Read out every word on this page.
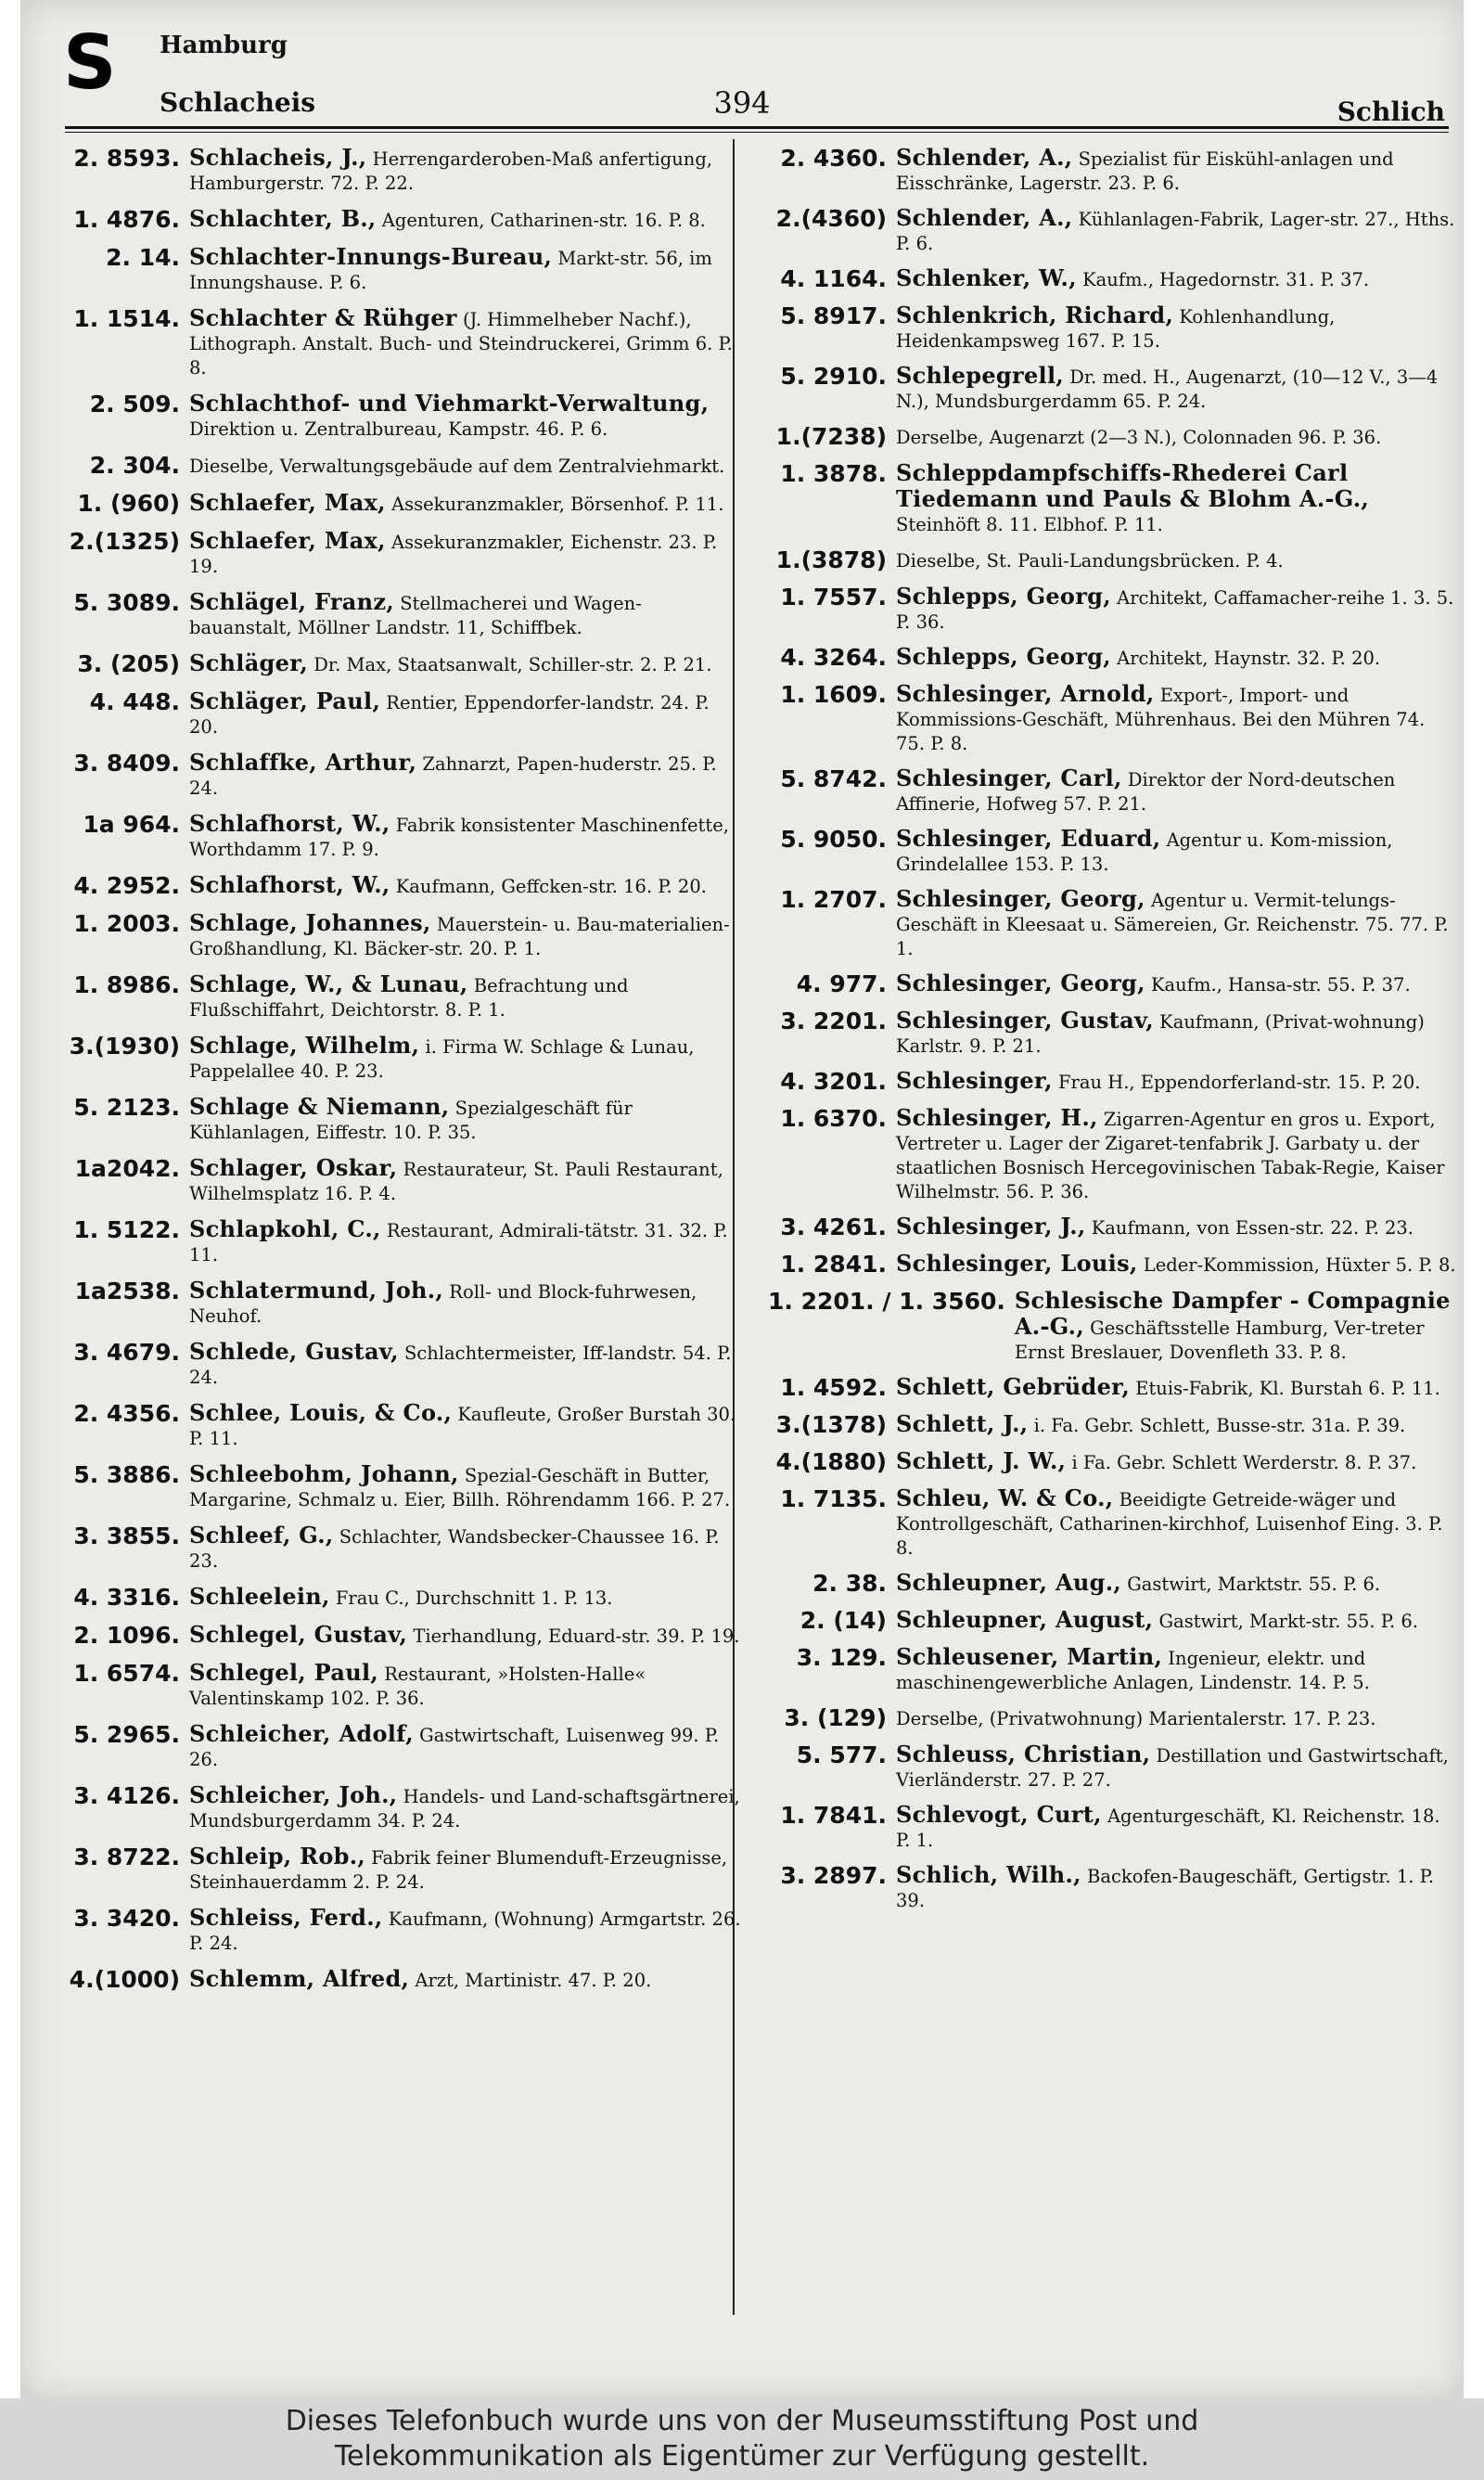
S Hamburg
Schlacheis	394	Schlich
2. 8593. Schlacheis, J., Herrengarderoben-Maß anfertigung, Hamburgerstr. 72. P. 22.
1. 4876. Schlachter, B., Agenturen, Catharinen-str. 16. P. 8.
2. 14. Schlachter-Innungs-Bureau, Markt-str. 56, im Innungshause. P. 6.
1. 1514. Schlachter & Rühger (J. Himmelheber Nachf.), Lithograph. Anstalt. Buch- und Steindruckerei, Grimm 6. P. 8.
2. 509. Schlachthof- und Viehmarkt-Verwaltung, Direktion u. Zentralbureau, Kampstr. 46. P. 6.
2. 304. Dieselbe, Verwaltungsgebäude auf dem Zentralviehmarkt.
1. (960) Schlaefer, Max, Assekuranzmakler, Börsenhof. P. 11.
2.(1325) Schlaefer, Max, Assekuranzmakler, Eichenstr. 23. P. 19.
5. 3089. Schlägel, Franz, Stellmacherei und Wagen-bauanstalt, Möllner Landstr. 11, Schiffbek.
3. (205) Schläger, Dr. Max, Staatsanwalt, Schiller-str. 2. P. 21.
4. 448. Schläger, Paul, Rentier, Eppendorfer-landstr. 24. P. 20.
3. 8409. Schlaffke, Arthur, Zahnarzt, Papen-huderstr. 25. P. 24.
1a 964. Schlafhorst, W., Fabrik konsistenter Maschinenfette, Worthdamm 17. P. 9.
4. 2952. Schlafhorst, W., Kaufmann, Geffcken-str. 16. P. 20.
1. 2003. Schlage, Johannes, Mauerstein- u. Bau-materialien-Großhandlung, Kl. Bäcker-str. 20. P. 1.
1. 8986. Schlage, W., & Lunau, Befrachtung und Flußschiffahrt, Deichtorstr. 8. P. 1.
3.(1930) Schlage, Wilhelm, i. Firma W. Schlage & Lunau, Pappelallee 40. P. 23.
5. 2123. Schlage & Niemann, Spezialgeschäft für Kühlanlagen, Eiffestr. 10. P. 35.
1a2042. Schlager, Oskar, Restaurateur, St. Pauli Restaurant, Wilhelmsplatz 16. P. 4.
1. 5122. Schlapkohl, C., Restaurant, Admirali-tätstr. 31. 32. P. 11.
1a2538. Schlatermund, Joh., Roll- und Block-fuhrwesen, Neuhof.
3. 4679. Schlede, Gustav, Schlachtermeister, Iff-landstr. 54. P. 24.
2. 4356. Schlee, Louis, & Co., Kaufleute, Großer Burstah 30. P. 11.
5. 3886. Schleebohm, Johann, Spezial-Geschäft in Butter, Margarine, Schmalz u. Eier, Billh. Röhrendamm 166. P. 27.
3. 3855. Schleef, G., Schlachter, Wandsbecker-Chaussee 16. P. 23.
4. 3316. Schleelein, Frau C., Durchschnitt 1. P. 13.
2. 1096. Schlegel, Gustav, Tierhandlung, Eduard-str. 39. P. 19.
1. 6574. Schlegel, Paul, Restaurant, »Holsten-Halle« Valentinskamp 102. P. 36.
5. 2965. Schleicher, Adolf, Gastwirtschaft, Luisenweg 99. P. 26.
3. 4126. Schleicher, Joh., Handels- und Land-schaftsgärtnerei, Mundsburgerdamm 34. P. 24.
3. 8722. Schleip, Rob., Fabrik feiner Blumenduft-Erzeugnisse, Steinhauerdamm 2. P. 24.
3. 3420. Schleiss, Ferd., Kaufmann, (Wohnung) Armgartstr. 26. P. 24.
4.(1000) Schlemm, Alfred, Arzt, Martinistr. 47. P. 20.
2. 4360. Schlender, A., Spezialist für Eiskühl-anlagen und Eisschränke, Lagerstr. 23. P. 6.
2.(4360) Schlender, A., Kühlanlagen-Fabrik, Lager-str. 27., Hths. P. 6.
4. 1164. Schlenker, W., Kaufm., Hagedornstr. 31. P. 37.
5. 8917. Schlenkrich, Richard, Kohlenhandlung, Heidenkampsweg 167. P. 15.
5. 2910. Schlepegrell, Dr. med. H., Augenarzt, (10—12 V., 3—4 N.), Mundsburgerdamm 65. P. 24.
1.(7238) Derselbe, Augenarzt (2—3 N.), Colonnaden 96. P. 36.
1. 3878. Schleppdampfschiffs-Rhederei Carl Tiedemann und Pauls & Blohm A.-G., Steinhöft 8. 11. Elbhof. P. 11.
1.(3878) Dieselbe, St. Pauli-Landungsbrücken. P. 4.
1. 7557. Schlepps, Georg, Architekt, Caffamacher-reihe 1. 3. 5. P. 36.
4. 3264. Schlepps, Georg, Architekt, Haynstr. 32. P. 20.
1. 1609. Schlesinger, Arnold, Export-, Import- und Kommissions-Geschäft, Mührenhaus. Bei den Mühren 74. 75. P. 8.
5. 8742. Schlesinger, Carl, Direktor der Nord-deutschen Affinerie, Hofweg 57. P. 21.
5. 9050. Schlesinger, Eduard, Agentur u. Kom-mission, Grindelallee 153. P. 13.
1. 2707. Schlesinger, Georg, Agentur u. Vermit-telungs-Geschäft in Kleesaat u. Sämereien, Gr. Reichenstr. 75. 77. P. 1.
4. 977. Schlesinger, Georg, Kaufm., Hansa-str. 55. P. 37.
3. 2201. Schlesinger, Gustav, Kaufmann, (Privat-wohnung) Karlstr. 9. P. 21.
4. 3201. Schlesinger, Frau H., Eppendorferland-str. 15. P. 20.
1. 6370. Schlesinger, H., Zigarren-Agentur en gros u. Export, Vertreter u. Lager der Zigaret-tenfabrik J. Garbaty u. der staatlichen Bosnisch Hercegovinischen Tabak-Regie, Kaiser Wilhelmstr. 56. P. 36.
3. 4261. Schlesinger, J., Kaufmann, von Essen-str. 22. P. 23.
1. 2841. Schlesinger, Louis, Leder-Kommission, Hüxter 5. P. 8.
1. 2201. / 1. 3560. Schlesische Dampfer - Compagnie A.-G., Geschäftsstelle Hamburg, Ver-treter Ernst Breslauer, Dovenfleth 33. P. 8.
1. 4592. Schlett, Gebrüder, Etuis-Fabrik, Kl. Burstah 6. P. 11.
3.(1378) Schlett, J., i. Fa. Gebr. Schlett, Busse-str. 31a. P. 39.
4.(1880) Schlett, J. W., i Fa. Gebr. Schlett Werderstr. 8. P. 37.
1. 7135. Schleu, W. & Co., Beeidigte Getreide-wäger und Kontrollgeschäft, Catharinen-kirchhof, Luisenhof Eing. 3. P. 8.
2. 38. Schleupner, Aug., Gastwirt, Marktstr. 55. P. 6.
2. (14) Schleupner, August, Gastwirt, Markt-str. 55. P. 6.
3. 129. Schleusener, Martin, Ingenieur, elektr. und maschinengewerbliche Anlagen, Lindenstr. 14. P. 5.
3. (129) Derselbe, (Privatwohnung) Marientalerstr. 17. P. 23.
5. 577. Schleuss, Christian, Destillation und Gastwirtschaft, Vierländerstr. 27. P. 27.
1. 7841. Schlevogt, Curt, Agenturgeschäft, Kl. Reichenstr. 18. P. 1.
3. 2897. Schlich, Wilh., Backofen-Baugeschäft, Gertigstr. 1. P. 39.
Dieses Telefonbuch wurde uns von der Museumsstiftung Post und
Telekommunikation als Eigentümer zur Verfügung gestellt.
